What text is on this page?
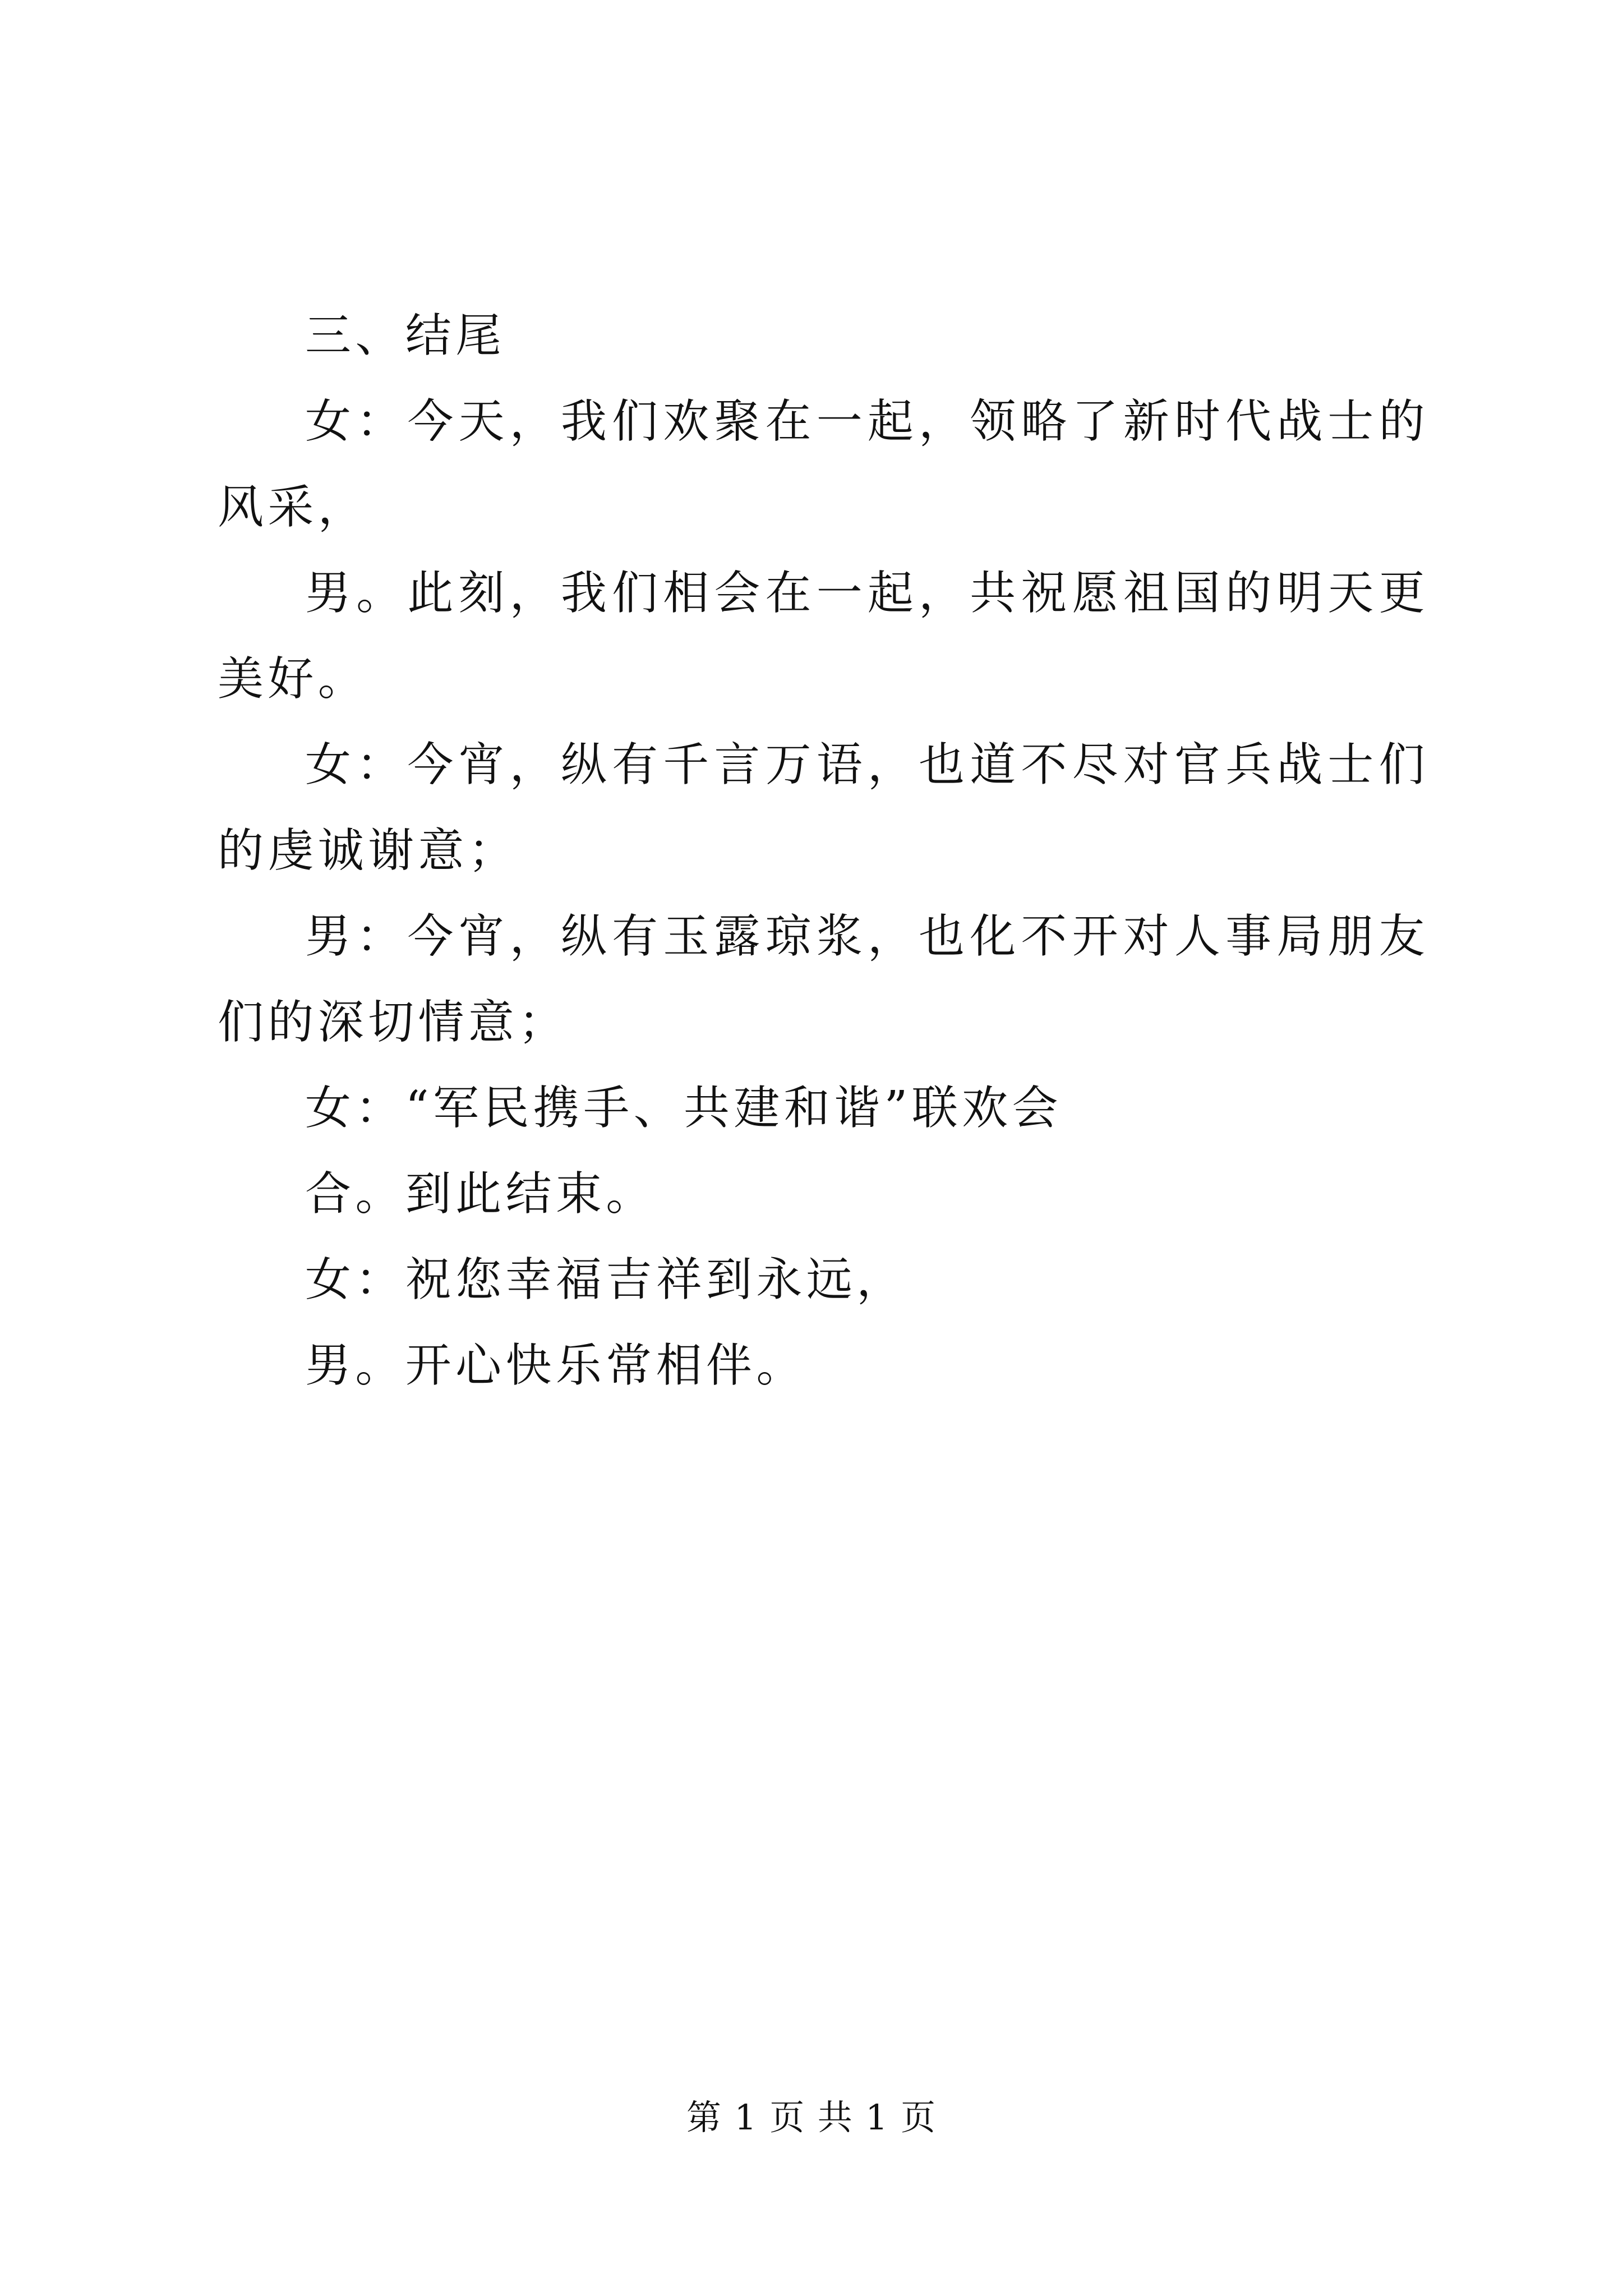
三、结尾

女：今天，我们欢聚在一起，领略了新时代战士的风采，

男。此刻，我们相会在一起，共祝愿祖国的明天更美好。

女：今宵，纵有千言万语，也道不尽对官兵战士们的虔诚谢意；

男：今宵，纵有玉露琼浆，也化不开对人事局朋友们的深切情意；

女：“军民携手、共建和谐”联欢会

合。到此结束。

女：祝您幸福吉祥到永远，

男。开心快乐常相伴。

第 1 页 共 1 页
